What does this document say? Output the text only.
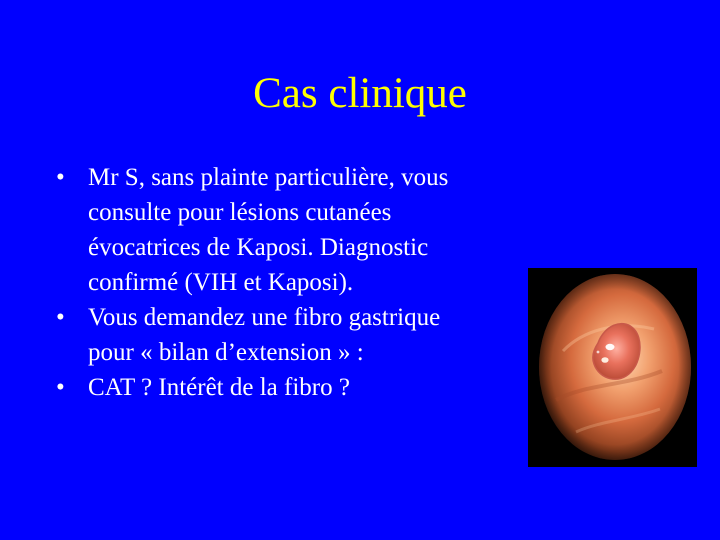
Cas clinique
• Mr S, sans plainte particulière, vous
consulte pour lésions cutanées
évocatrices de Kaposi. Diagnostic
confirmé (VIH et Kaposi).
• Vous demandez une fibro gastrique
pour « bilan d’extension » :
• CAT ? Intérêt de la fibro ?
